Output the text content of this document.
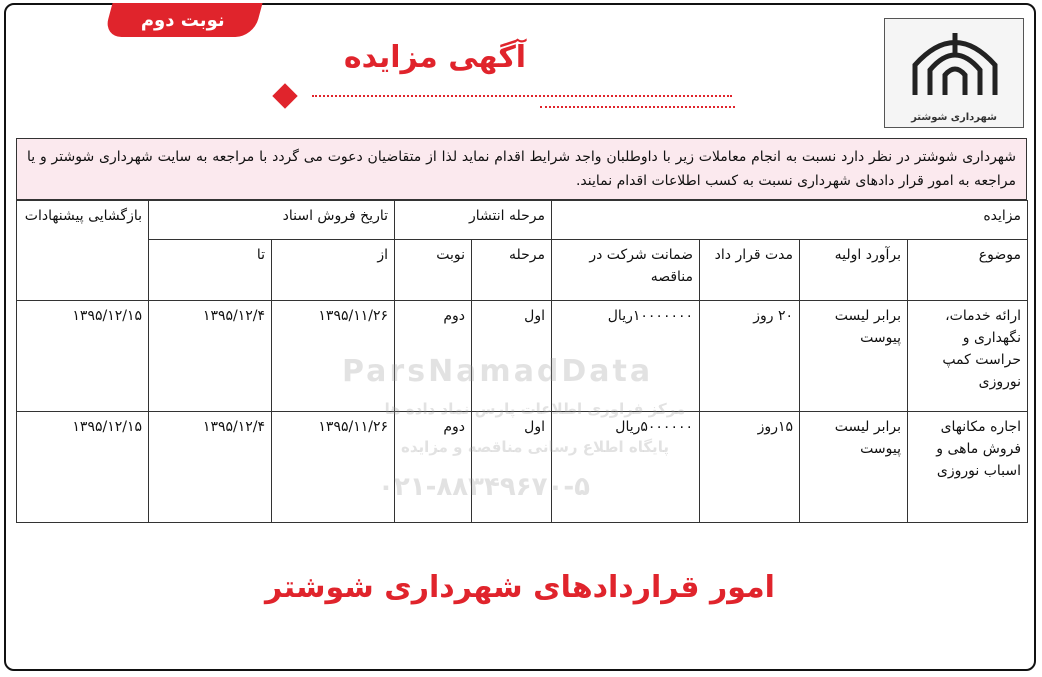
نوبت دوم
شهرداری شوشتر
آگهی مزایده
شهرداری شوشتر در نظر دارد نسبت به انجام معاملات زیر با داوطلبان واجد شرایط اقدام نماید لذا از متقاضیان دعوت می گردد با مراجعه به سایت شهرداری شوشتر و یا مراجعه به امور قرار دادهای شهرداری نسبت به کسب اطلاعات اقدام نمایند.
مزایده				مرحله انتشار		تاریخ فروش اسناد		بازگشایی پیشنهادات
موضوع	برآورد اولیه	مدت قرار داد	ضمانت شرکت در مناقصه	مرحله	نوبت	از	تا	
ارائه خدمات، نگهداری و حراست کمپ نوروزی	برابر لیست پیوست	۲۰ روز	۱۰۰۰۰۰۰۰ریال	اول	دوم	۱۳۹۵/۱۱/۲۶	۱۳۹۵/۱۲/۴	۱۳۹۵/۱۲/۱۵
اجاره مکانهای فروش ماهی و اسباب نوروزی	برابر لیست پیوست	۱۵روز	۵۰۰۰۰۰۰ریال	اول	دوم	۱۳۹۵/۱۱/۲۶	۱۳۹۵/۱۲/۴	۱۳۹۵/۱۲/۱۵
ParsNamadData
مرکز فراوری اطلاعات پارس نماد داده ها
پایگاه اطلاع رسانی مناقصه و مزایده
۰۲۱-۸۸۳۴۹۶۷۰-۵
امور قراردادهای شهرداری شوشتر
